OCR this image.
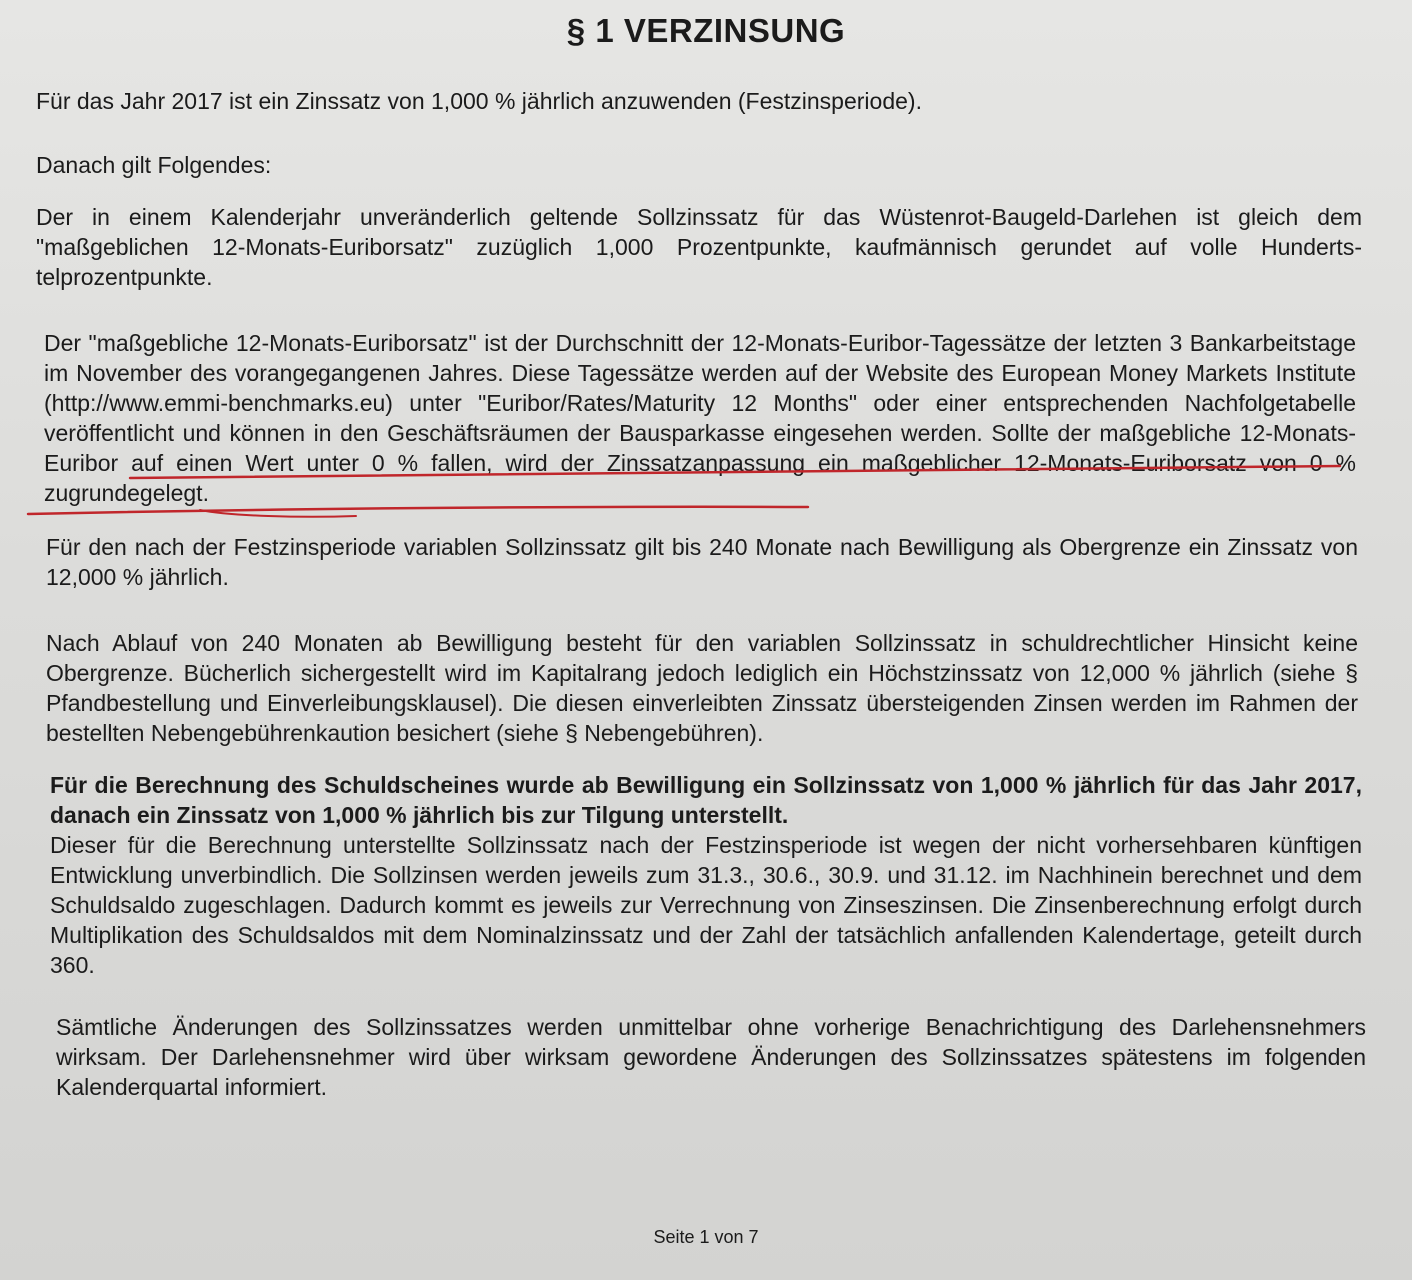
§ 1 VERZINSUNG

Für das Jahr 2017 ist ein Zinssatz von 1,000 % jährlich anzuwenden (Festzinsperiode).

Danach gilt Folgendes:

Der in einem Kalenderjahr unveränderlich geltende Sollzinssatz für das Wüstenrot-Baugeld-Darlehen ist gleich dem "maßgeblichen 12-Monats-Euriborsatz" zuzüglich 1,000 Prozentpunkte, kaufmännisch gerundet auf volle Hunderts-telprozentpunkte.

Der "maßgebliche 12-Monats-Euriborsatz" ist der Durchschnitt der 12-Monats-Euribor-Tagessätze der letzten 3 Bankarbeitstage im November des vorangegangenen Jahres. Diese Tagessätze werden auf der Website des European Money Markets Institute (http://www.emmi-benchmarks.eu) unter "Euribor/Rates/Maturity 12 Months" oder einer entsprechenden Nachfolgetabelle veröffentlicht und können in den Geschäftsräumen der Bausparkasse eingesehen werden. Sollte der maßgebliche 12-Monats-Euribor auf einen Wert unter 0 % fallen, wird der Zinssatzanpassung ein maßgeblicher 12-Monats-Euriborsatz von 0 % zugrundegelegt.

Für den nach der Festzinsperiode variablen Sollzinssatz gilt bis 240 Monate nach Bewilligung als Obergrenze ein Zinssatz von 12,000 % jährlich.

Nach Ablauf von 240 Monaten ab Bewilligung besteht für den variablen Sollzinssatz in schuldrechtlicher Hinsicht keine Obergrenze. Bücherlich sichergestellt wird im Kapitalrang jedoch lediglich ein Höchstzinssatz von 12,000 % jährlich (siehe § Pfandbestellung und Einverleibungsklausel). Die diesen einverleibten Zinssatz übersteigenden Zinsen werden im Rahmen der bestellten Nebengebührenkaution besichert (siehe § Nebengebühren).

Für die Berechnung des Schuldscheines wurde ab Bewilligung ein Sollzinssatz von 1,000 % jährlich für das Jahr 2017, danach ein Zinssatz von 1,000 % jährlich bis zur Tilgung unterstellt.
Dieser für die Berechnung unterstellte Sollzinssatz nach der Festzinsperiode ist wegen der nicht vorhersehbaren künftigen Entwicklung unverbindlich. Die Sollzinsen werden jeweils zum 31.3., 30.6., 30.9. und 31.12. im Nachhinein berechnet und dem Schuldsaldo zugeschlagen. Dadurch kommt es jeweils zur Verrechnung von Zinseszinsen. Die Zinsenberechnung erfolgt durch Multiplikation des Schuldsaldos mit dem Nominalzinssatz und der Zahl der tatsächlich anfallenden Kalendertage, geteilt durch 360.

Sämtliche Änderungen des Sollzinssatzes werden unmittelbar ohne vorherige Benachrichtigung des Darlehensnehmers wirksam. Der Darlehensnehmer wird über wirksam gewordene Änderungen des Sollzinssatzes spätestens im folgenden Kalenderquartal informiert.

Seite 1 von 7
